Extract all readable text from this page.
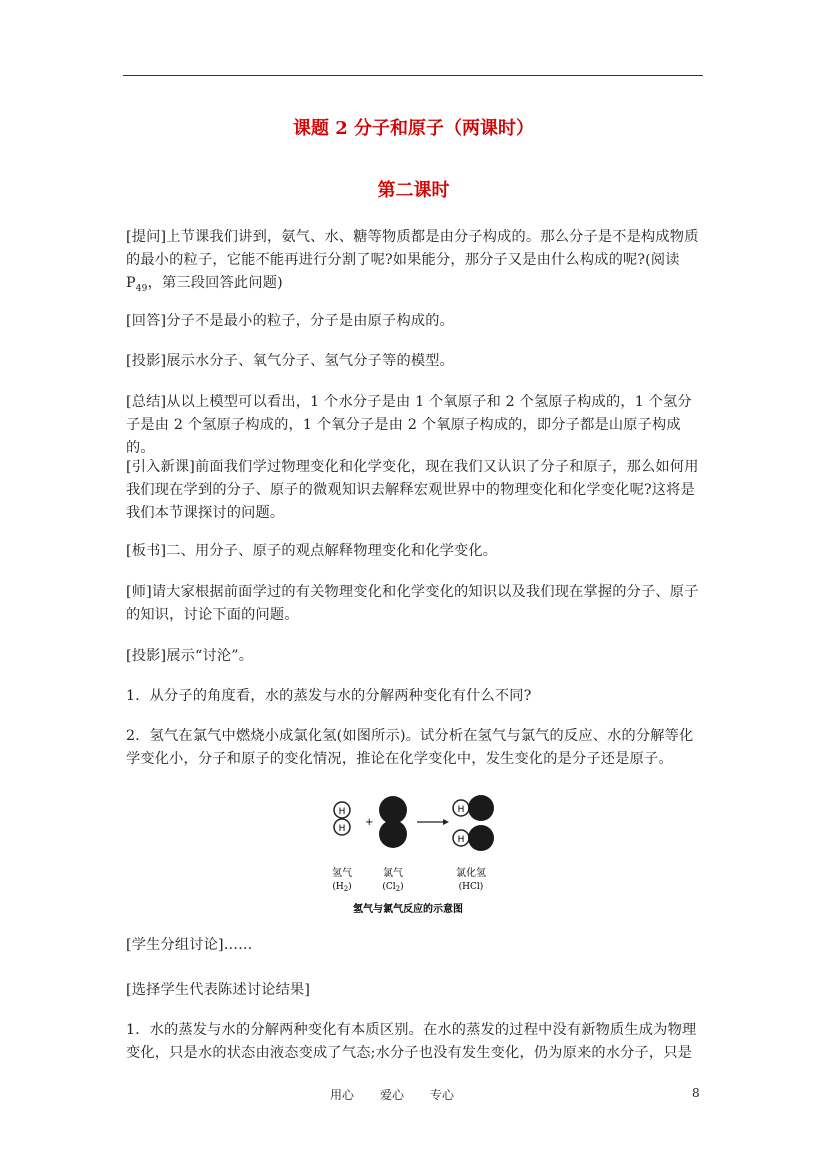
课题 2 分子和原子（两课时）
第二课时

[提问]上节课我们讲到，氨气、水、糖等物质都是由分子构成的。那么分子是不是构成物质的最小的粒子，它能不能再进行分割了呢?如果能分，那分子又是由什么构成的呢?(阅读 $P_{49}$，第三段回答此问题)

[回答]分子不是最小的粒子，分子是由原子构成的。

[投影]展示水分子、氧气分子、氢气分子等的模型。

[总结]从以上模型可以看出，1 个水分子是由 1 个氧原子和 2 个氢原子构成的，1 个氢分子是由 2 个氢原子构成的，1 个氧分子是由 2 个氧原子构成的，即分子都是山原子构成的。

[引入新课]前面我们学过物理变化和化学变化，现在我们又认识了分子和原子，那么如何用我们现在学到的分子、原子的微观知识去解释宏观世界中的物理变化和化学变化呢?这将是我们本节课探讨的问题。

[板书]二、用分子、原子的观点解释物理变化和化学变化。

[师]请大家根据前面学过的有关物理变化和化学变化的知识以及我们现在掌握的分子、原子的知识，讨论下面的问题。

[投影]展示“讨沦”。

1．从分子的角度看，水的蒸发与水的分解两种变化有什么不同?

2．氢气在氯气中燃烧小成氯化氢(如图所示)。试分析在氢气与氯气的反应、水的分解等化学变化小，分子和原子的变化情况，推论在化学变化中，发生变化的是分子还是原子。

H
H
+
H
H
氢气
$(H_2)$
氯气
$(Cl_2)$
氯化氢
(HCl)
氢气与氯气反应的示意图

[学生分组讨论]……

[选择学生代表陈述讨论结果]

1．水的蒸发与水的分解两种变化有本质区别。在水的蒸发的过程中没有新物质生成为物理变化，只是水的状态由液态变成了气态;水分子也没有发生变化，仍为原来的水分子，只是

用心 爱心 专心	8
